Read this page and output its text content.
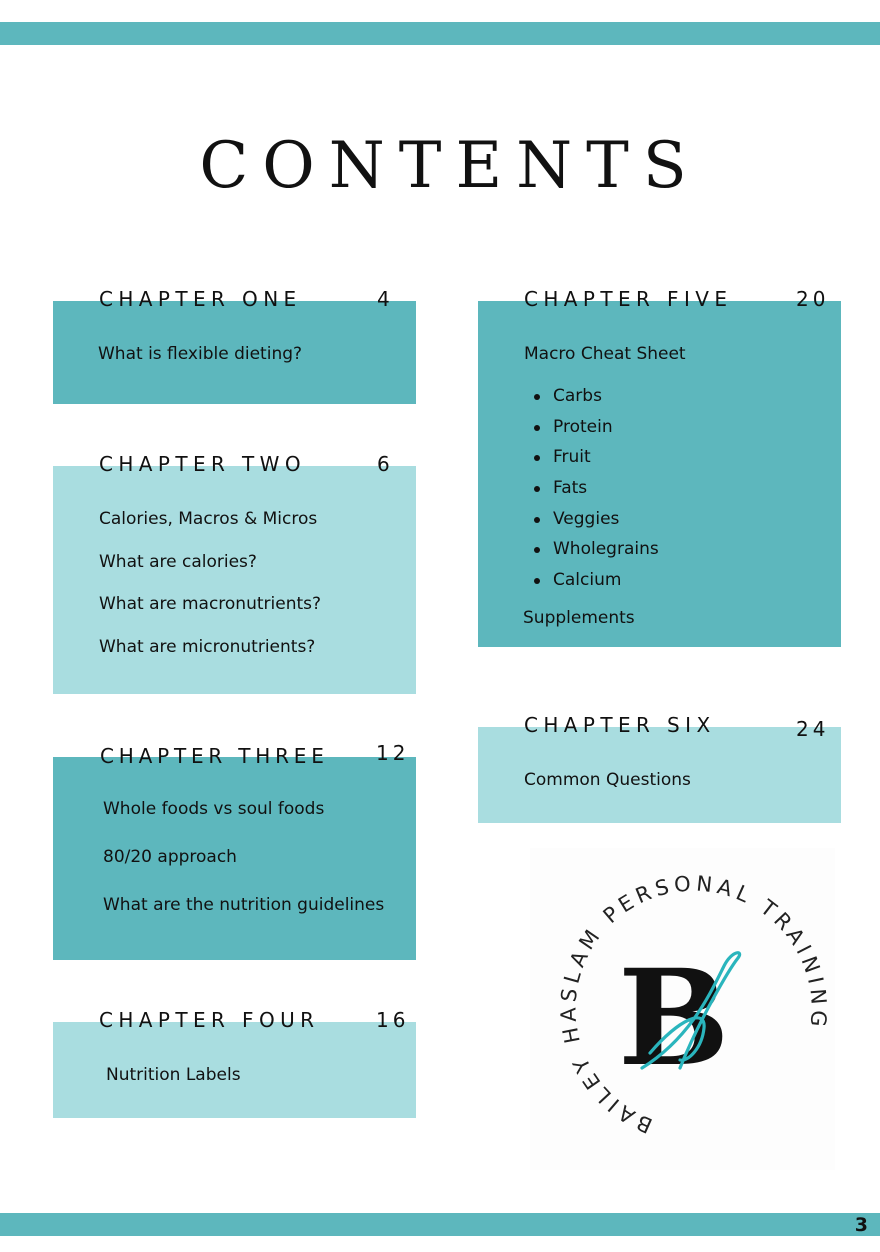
CONTENTS
CHAPTER ONE	4
What is flexible dieting?
CHAPTER TWO	6
Calories, Macros & Micros
What are calories?
What are macronutrients?
What are micronutrients?
CHAPTER THREE 12
Whole foods vs soul foods
80/20 approach
What are the nutrition guidelines
CHAPTER FOUR	16
Nutrition Labels
CHAPTER FIVE	20
Macro Cheat Sheet
Carbs
Protein
Fruit
Fats
Veggies
Wholegrains
Calcium
Supplements
CHAPTER SIX	24
Common Questions
BAILEY HASLAM PERSONAL TRAINING
B
3
